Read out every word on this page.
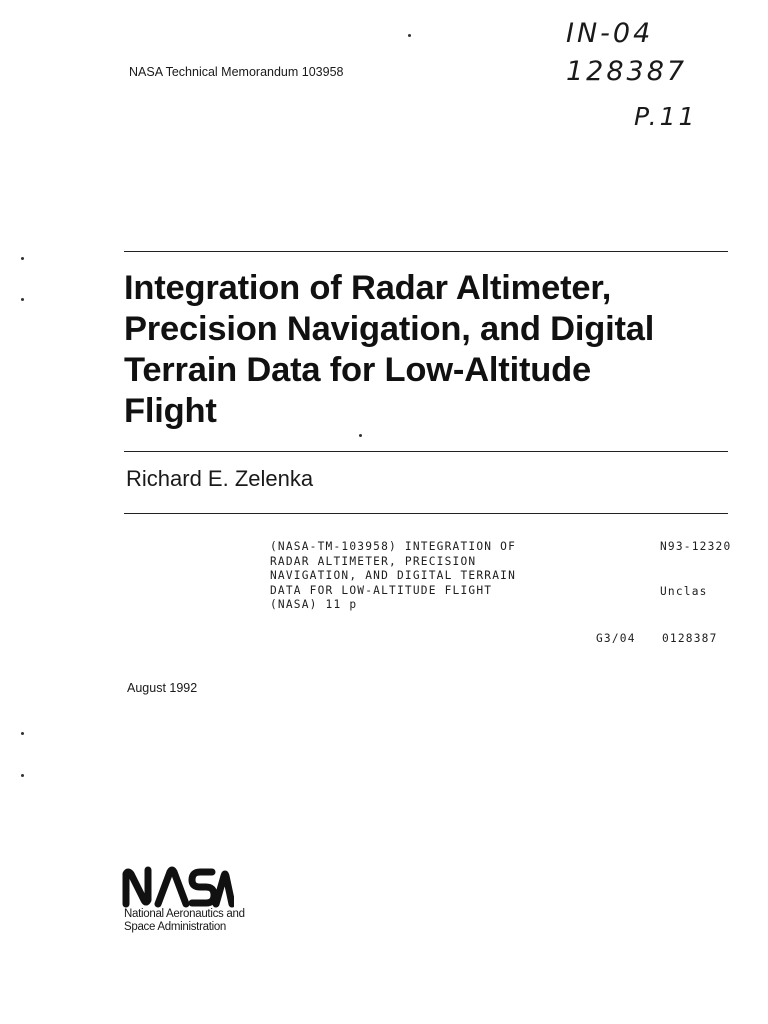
NASA Technical Memorandum 103958
IN-04
128387
P.11
Integration of Radar Altimeter,
Precision Navigation, and Digital
Terrain Data for Low-Altitude
Flight
Richard E. Zelenka
(NASA-TM-103958) INTEGRATION OF
RADAR ALTIMETER, PRECISION
NAVIGATION, AND DIGITAL TERRAIN
DATA FOR LOW-ALTITUDE FLIGHT
(NASA) 11 p
N93-12320
Unclas
G3/04 0128387
August 1992
National Aeronautics and
Space Administration
